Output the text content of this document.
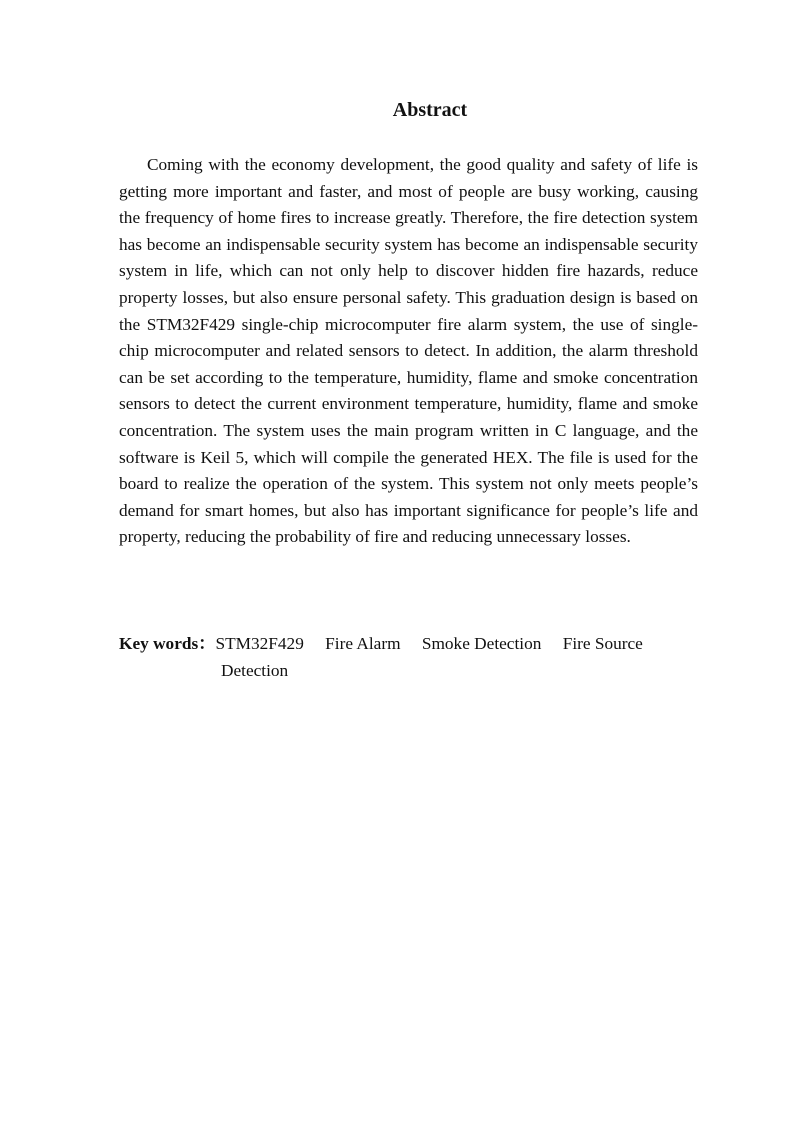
Abstract

Coming with the economy development, the good quality and safety of life is getting more important and faster, and most of people are busy working, causing the frequency of home fires to increase greatly. Therefore, the fire detection system has become an indispensable security system has become an indispensable security system in life, which can not only help to discover hidden fire hazards, reduce property losses, but also ensure personal safety. This graduation design is based on the STM32F429 single-chip microcomputer fire alarm system, the use of single-chip microcomputer and related sensors to detect. In addition, the alarm threshold can be set according to the temperature, humidity, flame and smoke concentration sensors to detect the current environment temperature, humidity, flame and smoke concentration. The system uses the main program written in C language, and the software is Keil 5, which will compile the generated HEX. The file is used for the board to realize the operation of the system. This system not only meets people’s demand for smart homes, but also has important significance for people’s life and property, reducing the probability of fire and reducing unnecessary losses.

Key words：STM32F429 Fire Alarm Smoke Detection Fire Source Detection
